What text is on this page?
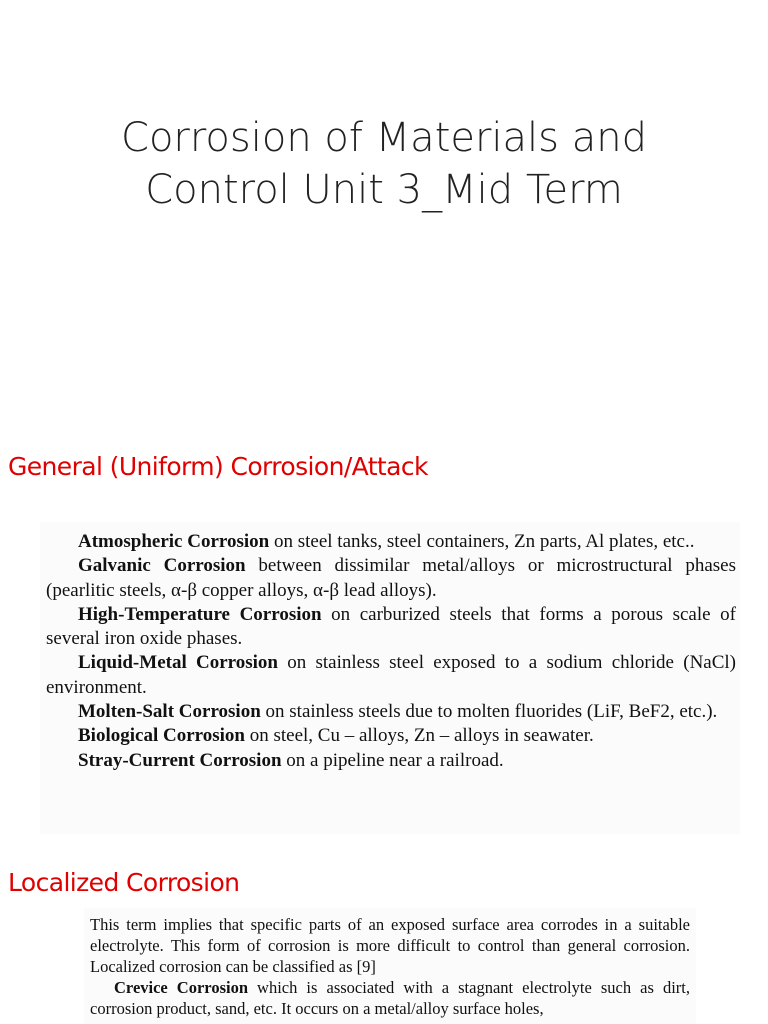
Corrosion of Materials and
Control Unit 3_Mid Term
General (Uniform) Corrosion/Attack

Atmospheric Corrosion on steel tanks, steel containers, Zn parts, Al plates, etc..

Galvanic Corrosion between dissimilar metal/alloys or microstructural phases (pearlitic steels, α-β copper alloys, α-β lead alloys).

High-Temperature Corrosion on carburized steels that forms a porous scale of several iron oxide phases.

Liquid-Metal Corrosion on stainless steel exposed to a sodium chloride (NaCl) environment.

Molten-Salt Corrosion on stainless steels due to molten fluorides (LiF, BeF2, etc.).

Biological Corrosion on steel, Cu – alloys, Zn – alloys in seawater.

Stray-Current Corrosion on a pipeline near a railroad.

Localized Corrosion

This term implies that specific parts of an exposed surface area corrodes in a suitable electrolyte. This form of corrosion is more difficult to control than general corrosion. Localized corrosion can be classified as [9]

Crevice Corrosion which is associated with a stagnant electrolyte such as dirt, corrosion product, sand, etc. It occurs on a metal/alloy surface holes,
